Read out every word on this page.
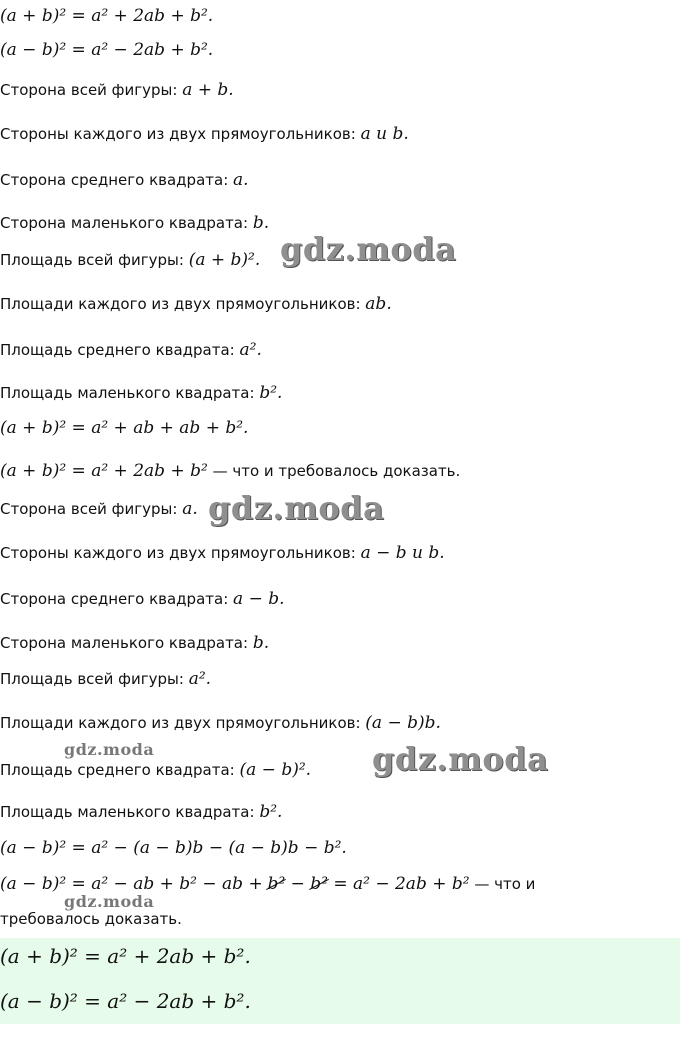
(a + b)² = a² + 2ab + b².
(a − b)² = a² − 2ab + b².
Сторона всей фигуры: a + b.
Стороны каждого из двух прямоугольников: a и b.
Сторона среднего квадрата: a.
Сторона маленького квадрата: b.
Площадь всей фигуры: (a + b)².
Площади каждого из двух прямоугольников: ab.
Площадь среднего квадрата: a².
Площадь маленького квадрата: b².
(a + b)² = a² + ab + ab + b².
(a + b)² = a² + 2ab + b² — что и требовалось доказать.
Сторона всей фигуры: a.
Стороны каждого из двух прямоугольников: a − b и b.
Сторона среднего квадрата: a − b.
Сторона маленького квадрата: b.
Площадь всей фигуры: a².
Площади каждого из двух прямоугольников: (a − b)b.
Площадь среднего квадрата: (a − b)².
Площадь маленького квадрата: b².
(a − b)² = a² − (a − b)b − (a − b)b − b².
(a − b)² = a² − ab + b² − ab + b² − b² = a² − 2ab + b² — что и
требовалось доказать.
(a + b)² = a² + 2ab + b².
(a − b)² = a² − 2ab + b².
gdz.moda
gdz.moda
gdz.moda	gdz.moda
gdz.moda
